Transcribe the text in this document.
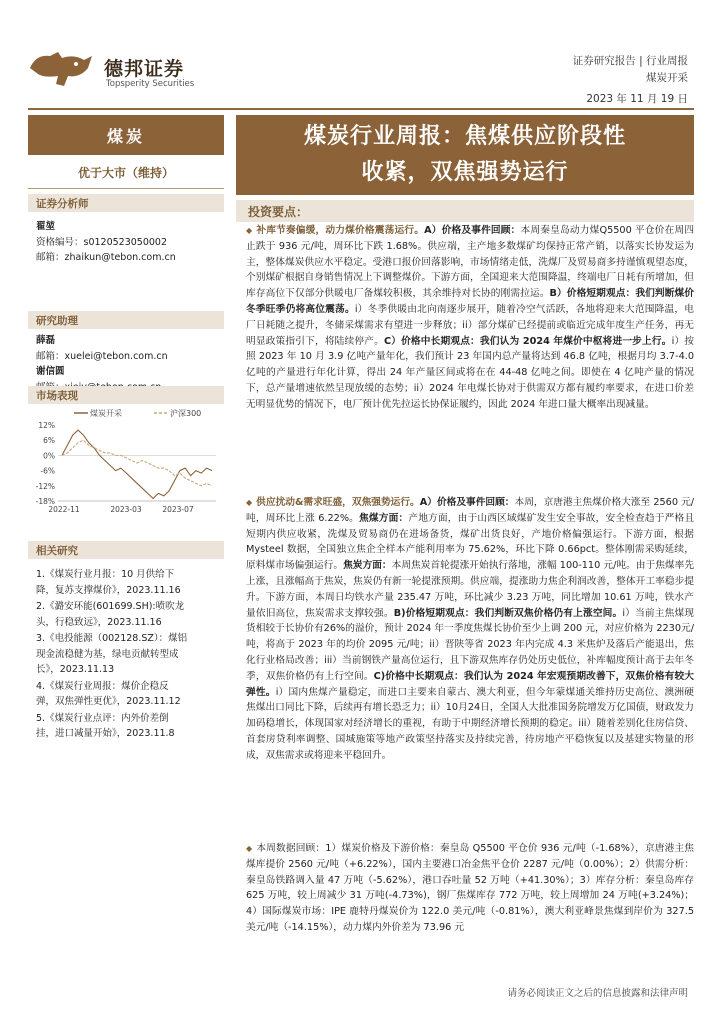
德邦证券
Topsperity Securities
证券研究报告 | 行业周报
煤炭开采
2023 年 11 月 19 日
煤炭
优于大市（维持）
证券分析师
翟堃
资格编号：s0120523050002
邮箱：zhaikun@tebon.com.cn
研究助理
薛磊
邮箱：xuelei@tebon.com.cn
谢信圆
市场表现
煤炭开采	沪深300
12%
6%
0%
-6%
-12%
-18%
2022-11	2023-03	2023-07
相关研究
1.《煤炭行业月报：10 月供给下
降，复苏支撑煤价》，2023.11.16
2.《潞安环能(601699.SH):喷吹龙
头，行稳致远》，2023.11.16
3.《电投能源（002128.SZ）：煤铝
现金流稳健为基，绿电贡献转型成
长》，2023.11.13
4.《煤炭行业周报：煤价企稳反
弹，双焦弹性更优》，2023.11.12
5.《煤炭行业点评：内外价差倒
挂，进口减量开始》，2023.11.8
煤炭行业周报：焦煤供应阶段性
收紧，双焦强势运行
投资要点：
◆ 补库节奏偏缓，动力煤价格震荡运行。A）价格及事件回顾：本周秦皇岛动力煤Q5500 平仓价在周四止跌于 936 元/吨，周环比下跌 1.68%。供应端，主产地多数煤矿均保持正常产销，以落实长协发运为主，整体煤炭供应水平稳定。受港口报价回落影响，市场情绪走低，洗煤厂及贸易商多持谨慎观望态度，个别煤矿根据自身销售情况上下调整煤价。下游方面，全国迎来大范围降温，终端电厂日耗有所增加，但库存高位下仅部分供暖电厂备煤较积极，其余维持对长协的刚需拉运。B）价格短期观点：我们判断煤价冬季旺季仍将高位震荡。i）冬季供暖由北向南逐步展开，随着冷空气活跃，各地将迎来大范围降温，电厂日耗随之提升，冬储采煤需求有望进一步释放；ii）部分煤矿已经提前或临近完成年度生产任务，再无明显政策指引下，将陆续停产。C）价格中长期观点：我们认为 2024 年煤价中枢将进一步上行。i）按照 2023 年 10 月 3.9 亿吨产量年化，我们预计 23 年国内总产量将达到 46.8 亿吨，根据月均 3.7-4.0 亿吨的产量进行年化计算，得出 24 年产量区间或将在在 44-48 亿吨之间。即使在 4 亿吨产量的情况下，总产量增速依然呈现放缓的态势；ii）2024 年电煤长协对于供需双方都有履约率要求，在进口价差无明显优势的情况下，电厂预计优先拉运长协保证履约，因此 2024 年进口量大概率出现减量。
◆ 供应扰动&需求旺盛，双焦强势运行。A）价格及事件回顾：本周，京唐港主焦煤价格大涨至 2560 元/吨，周环比上涨 6.22%。焦煤方面：产地方面，由于山西区域煤矿发生安全事故，安全检查趋于严格且短期内供应收紧，洗煤及贸易商仍在进场备货，煤矿出货良好，产地价格偏强运行。下游方面，根据 Mysteel 数据，全国独立焦企全样本产能利用率为 75.62%，环比下降 0.66pct。整体刚需采购延续，原料煤市场偏强运行。焦炭方面：本周焦炭首轮提涨开始执行落地，涨幅 100-110 元/吨。由于焦煤率先上涨，且涨幅高于焦炭，焦炭仍有新一轮提涨预期。供应端，提涨助力焦企利润改善，整体开工率稳步提升。下游方面，本周日均铁水产量 235.47 万吨，环比减少 3.23 万吨，同比增加 10.61 万吨，铁水产量依旧高位，焦炭需求支撑较强。B)价格短期观点：我们判断双焦价格仍有上涨空间。i）当前主焦煤现货相较于长协价有26%的溢价，预计 2024 年一季度焦煤长协价至少上调 200 元，对应价格为 2230元/吨，将高于 2023 年的均价 2095 元/吨；ii）晋陕等省 2023 年内完成 4.3 米焦炉及落后产能退出，焦化行业格局改善；iii）当前钢铁产量高位运行，且下游双焦库存仍处历史低位，补库幅度预计高于去年冬季，双焦价格仍有上行空间。C)价格中长期观点：我们认为 2024 年宏观预期改善下，双焦价格有较大弹性。i）国内焦煤产量稳定，而进口主要来自蒙古、澳大利亚，但今年蒙煤通关维持历史高位、澳洲硬焦煤出口同比下降，后续再有增长恐乏力；ii）10月24日，全国人大批准国务院增发万亿国债，财政发力加码稳增长，体现国家对经济增长的重视，有助于中期经济增长预期的稳定。iii）随着差别化住房信贷、首套房贷利率调整、国城施策等地产政策坚持落实及持续完善，待房地产平稳恢复以及基建实物量的形成，双焦需求或将迎来平稳回升。
◆ 本周数据回顾：1）煤炭价格及下游价格：秦皇岛 Q5500 平仓价 936 元/吨（-1.68%），京唐港主焦煤库提价 2560 元/吨（+6.22%），国内主要港口冶金焦平仓价 2287 元/吨（0.00%）；2）供需分析：秦皇岛铁路调入量 47 万吨（-5.62%），港口吞吐量 52 万吨（+41.30%）；3）库存分析：秦皇岛库存 625 万吨，较上周减少 31 万吨(-4.73%)，钢厂焦煤库存 772 万吨，较上周增加 24 万吨(+3.24%)；4）国际煤炭市场：IPE 鹿特丹煤炭价为 122.0 美元/吨（-0.81%），澳大利亚峰景焦煤到岸价为 327.5 美元/吨（-14.15%），动力煤内外价差为 73.96 元
请务必阅读正文之后的信息披露和法律声明
